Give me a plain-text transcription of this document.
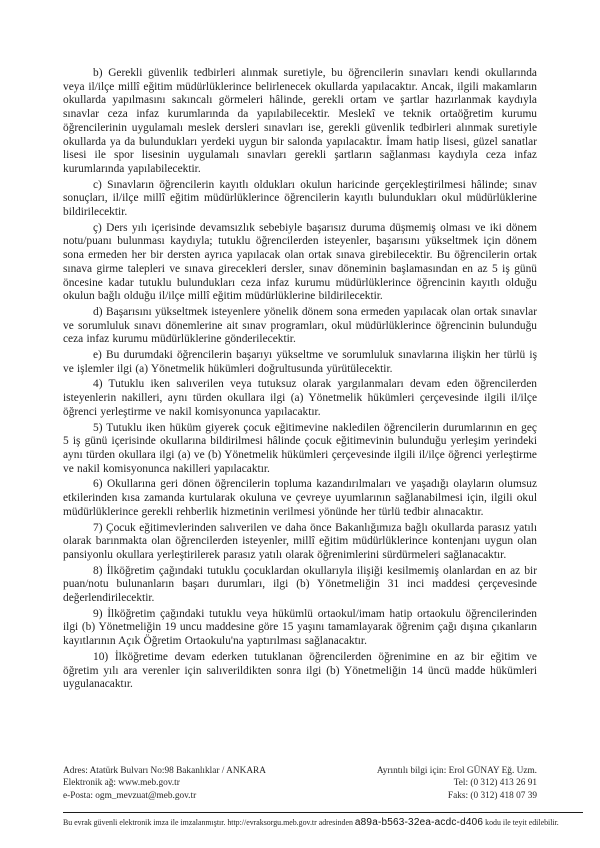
b) Gerekli güvenlik tedbirleri alınmak suretiyle, bu öğrencilerin sınavları kendi okullarında veya il/ilçe millî eğitim müdürlüklerince belirlenecek okullarda yapılacaktır. Ancak, ilgili makamların okullarda yapılmasını sakıncalı görmeleri hâlinde, gerekli ortam ve şartlar hazırlanmak kaydıyla sınavlar ceza infaz kurumlarında da yapılabilecektir. Meslekî ve teknik ortaöğretim kurumu öğrencilerinin uygulamalı meslek dersleri sınavları ise, gerekli güvenlik tedbirleri alınmak suretiyle okullarda ya da bulundukları yerdeki uygun bir salonda yapılacaktır. İmam hatip lisesi, güzel sanatlar lisesi ile spor lisesinin uygulamalı sınavları gerekli şartların sağlanması kaydıyla ceza infaz kurumlarında yapılabilecektir.

c) Sınavların öğrencilerin kayıtlı oldukları okulun haricinde gerçekleştirilmesi hâlinde; sınav sonuçları, il/ilçe millî eğitim müdürlüklerince öğrencilerin kayıtlı bulundukları okul müdürlüklerine bildirilecektir.

ç) Ders yılı içerisinde devamsızlık sebebiyle başarısız duruma düşmemiş olması ve iki dönem notu/puanı bulunması kaydıyla; tutuklu öğrencilerden isteyenler, başarısını yükseltmek için dönem sona ermeden her bir dersten ayrıca yapılacak olan ortak sınava girebilecektir. Bu öğrencilerin ortak sınava girme talepleri ve sınava girecekleri dersler, sınav döneminin başlamasından en az 5 iş günü öncesine kadar tutuklu bulundukları ceza infaz kurumu müdürlüklerince öğrencinin kayıtlı olduğu okulun bağlı olduğu il/ilçe millî eğitim müdürlüklerine bildirilecektir.

d) Başarısını yükseltmek isteyenlere yönelik dönem sona ermeden yapılacak olan ortak sınavlar ve sorumluluk sınavı dönemlerine ait sınav programları, okul müdürlüklerince öğrencinin bulunduğu ceza infaz kurumu müdürlüklerine gönderilecektir.

e) Bu durumdaki öğrencilerin başarıyı yükseltme ve sorumluluk sınavlarına ilişkin her türlü iş ve işlemler ilgi (a) Yönetmelik hükümleri doğrultusunda yürütülecektir.

4) Tutuklu iken salıverilen veya tutuksuz olarak yargılanmaları devam eden öğrencilerden isteyenlerin nakilleri, aynı türden okullara ilgi (a) Yönetmelik hükümleri çerçevesinde ilgili il/ilçe öğrenci yerleştirme ve nakil komisyonunca yapılacaktır.

5) Tutuklu iken hüküm giyerek çocuk eğitimevine nakledilen öğrencilerin durumlarının en geç 5 iş günü içerisinde okullarına bildirilmesi hâlinde çocuk eğitimevinin bulunduğu yerleşim yerindeki aynı türden okullara ilgi (a) ve (b) Yönetmelik hükümleri çerçevesinde ilgili il/ilçe öğrenci yerleştirme ve nakil komisyonunca nakilleri yapılacaktır.

6) Okullarına geri dönen öğrencilerin topluma kazandırılmaları ve yaşadığı olayların olumsuz etkilerinden kısa zamanda kurtularak okuluna ve çevreye uyumlarının sağlanabilmesi için, ilgili okul müdürlüklerince gerekli rehberlik hizmetinin verilmesi yönünde her türlü tedbir alınacaktır.

7) Çocuk eğitimevlerinden salıverilen ve daha önce Bakanlığımıza bağlı okullarda parasız yatılı olarak barınmakta olan öğrencilerden isteyenler, millî eğitim müdürlüklerince kontenjanı uygun olan pansiyonlu okullara yerleştirilerek parasız yatılı olarak öğrenimlerini sürdürmeleri sağlanacaktır.

8) İlköğretim çağındaki tutuklu çocuklardan okullarıyla ilişiği kesilmemiş olanlardan en az bir puan/notu bulunanların başarı durumları, ilgi (b) Yönetmeliğin 31 inci maddesi çerçevesinde değerlendirilecektir.

9) İlköğretim çağındaki tutuklu veya hükümlü ortaokul/imam hatip ortaokulu öğrencilerinden ilgi (b) Yönetmeliğin 19 uncu maddesine göre 15 yaşını tamamlayarak öğrenim çağı dışına çıkanların kayıtlarının Açık Öğretim Ortaokulu'na yaptırılması sağlanacaktır.

10) İlköğretime devam ederken tutuklanan öğrencilerden öğrenimine en az bir eğitim ve öğretim yılı ara verenler için salıverildikten sonra ilgi (b) Yönetmeliğin 14 üncü madde hükümleri uygulanacaktır.

Adres: Atatürk Bulvarı No:98 Bakanlıklar / ANKARA
Elektronik ağ: www.meb.gov.tr
e-Posta: ogm_mevzuat@meb.gov.tr
Ayrıntılı bilgi için: Erol GÜNAY Eğ. Uzm.
Tel: (0 312) 413 26 91
Faks: (0 312) 418 07 39
Bu evrak güvenli elektronik imza ile imzalanmıştır. http://evraksorgu.meb.gov.tr adresinden a89a-b563-32ea-acdc-d406 kodu ile teyit edilebilir.
